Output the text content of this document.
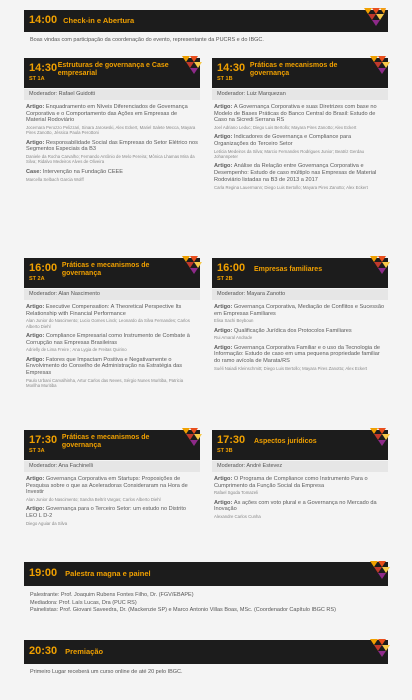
14:00 Check-in e Abertura
Boas vindas com participação da coordenação do evento, representante da PUCRS e do IBGC.
14:30
ST 1A
Estruturas de governança e Case empresarial
Moderador: Rafael Guidotti
Artigo: Enquadramento em Níveis Diferenciados de Governança Corporativa e o Comportamento das Ações em Empresas de Material Rodoviário
Jocemara Perozzo Pelizzari, Sinara Jaroseski, Alex Eckert, Mariel Salete Mecca, Mayara Pires Zanotto, Jéssica Paula Perottoni
Artigo: Responsabilidade Social das Empresas do Setor Elétrico nos Segmentos Especiais da B3
Daniele da Rocha Carvalho; Fernando Antônio de Melo Pereira; Mônica Lhamas Mira da Silva; Ridalvo Medeiros Alves de Oliveira
Case: Intervenção na Fundação CEEE
Marcella Selbach Garcia Wolff
14:30
ST 1B
Práticas e mecanismos de governança
Moderador: Luiz Marquezan
Artigo: A Governança Corporativa e suas Diretrizes com base no Modelo de Bases Práticas do Banco Central do Brasil: Estudo de Caso na Sicredi Serrana RS
Joel Adriano Leduc; Diego Luis Bertollo; Mayara Pires Zanotto; Alex Eckert
Artigo: Indicadores de Governança e Compliance para Organizações do Terceiro Setor
Letícia Medeiros da Silva; Marcio Fernandes Rodrigues Junior; Beatriz Gerdau Johannpeter
Artigo: Análise da Relação entre Governança Corporativa e Desempenho: Estudo de caso múltiplo nas Empresas de Material Rodoviário listadas na B3 de 2013 a 2017
Carla Regina Lauermann; Diego Luis Bertollo; Mayara Pires Zanotto; Alex Eckert
16:00
ST 2A
Práticas e mecanismos de governança
Moderador: Alan Nascimento
Artigo: Executive Compensation: A Theoretical Perspective Its Relationship with Financial Performance
Alan Junior do Nascimento; Lucio Gomes Linck; Leonardo da Silva Fernandes; Carlos Alberto Diehl
Artigo: Compliance Empresarial como Instrumento de Combate à Corrupção nas Empresas Brasileiras
Adrielly de Lima Freire ; Ana Lygia de Freitas Quirino
Artigo: Fatores que Impactam Positiva e Negativamente o Envolvimento do Conselho de Administração na Estratégia das Empresas
Paulo Urbani Carvalhinha, Artur Carlos das Neves, Sérgio Nunes Muritiba, Patricia Morilha Muritiba
16:00
ST 2B
Empresas familiares
Moderador: Mayara Zanotto
Artigo: Governança Corporativa, Mediação de Conflitos e Sucessão em Empresas Familiares
Elisa Sachi Beyboun
Artigo: Qualificação Jurídica dos Protocolos Familiares
Rui Amaral Andrade
Artigo: Governança Corporativa Familiar e o uso da Tecnologia de Informação: Estudo de caso em uma pequena propriedade familiar do ramo avícola de Marata/RS
Suéli Naiadi Kleinschmitt; Diego Luis Bertollo; Mayara Pires Zanotto; Alex Eckert
17:30
ST 3A
Práticas e mecanismos de governança
Moderador: Ana Fachinelli
Artigo: Governança Corporativa em Startups: Proposições de Pesquisa sobre o que as Aceleradoras Consideraram na Hora de Investir
Alan Junior do Nascimento; Sandra Beltrit Vargas; Carlos Alberto Diehl
Artigo: Governança para o Terceiro Setor: um estudo no Distrito LEO L D-2
Diego Aguiar da Silva
17:30
ST 3B
Aspectos jurídicos
Moderador: André Estevez
Artigo: O Programa de Compliance como Instrumento Para o Cumprimento da Função Social da Empresa
Rafael Sgoda Tomazeli
Artigo: As ações com voto plural e a Governança no Mercado da Inovação
Alexandre Carlos Cunha
19:00 Palestra magna e painel
Palestrante: Prof. Joaquim Rubens Fontes Filho, Dr. (FGV/EBAPE)
Mediadora: Prof. Laís Lucas, Dra (PUC RS)
Painelistas: Prof. Giovani Saveedra, Dr. (Mackenzie SP) e Marco Antonio Villas Boas, MSc. (Coordenador Capítulo IBGC RS)
20:30 Premiação
Primeiro Lugar receberá um curso online de até 20 pelo IBGC.
